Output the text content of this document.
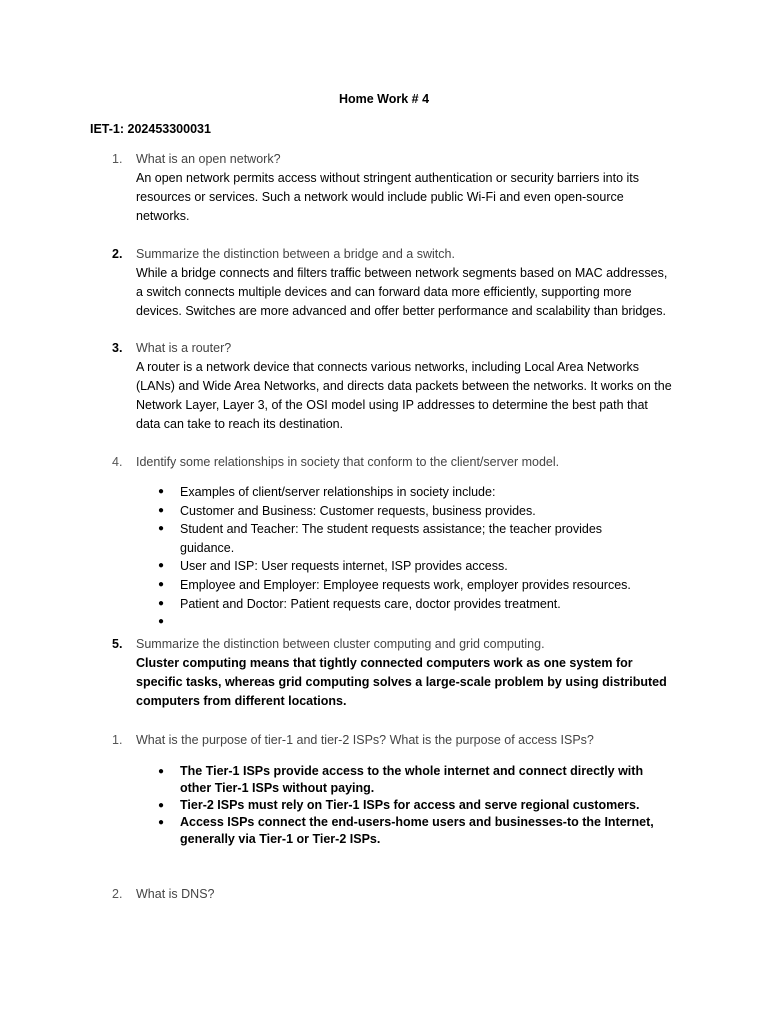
Home Work # 4
IET-1: 202453300031
1.	What is an open network?
An open network permits access without stringent authentication or security barriers into its resources or services. Such a network would include public Wi-Fi and even open-source networks.
2.	Summarize the distinction between a bridge and a switch.
While a bridge connects and filters traffic between network segments based on MAC addresses, a switch connects multiple devices and can forward data more efficiently, supporting more devices. Switches are more advanced and offer better performance and scalability than bridges.
3.	What is a router?
A router is a network device that connects various networks, including Local Area Networks (LANs) and Wide Area Networks, and directs data packets between the networks. It works on the Network Layer, Layer 3, of the OSI model using IP addresses to determine the best path that data can take to reach its destination.
4.	Identify some relationships in society that conform to the client/server model.
●	Examples of client/server relationships in society include:
●	Customer and Business: Customer requests, business provides.
●	Student and Teacher: The student requests assistance; the teacher provides guidance.
●	User and ISP: User requests internet, ISP provides access.
●	Employee and Employer: Employee requests work, employer provides resources.
●	Patient and Doctor: Patient requests care, doctor provides treatment.
●
5.	Summarize the distinction between cluster computing and grid computing.
Cluster computing means that tightly connected computers work as one system for specific tasks, whereas grid computing solves a large-scale problem by using distributed computers from different locations.
1.	What is the purpose of tier-1 and tier-2 ISPs? What is the purpose of access ISPs?
●	The Tier-1 ISPs provide access to the whole internet and connect directly with other Tier-1 ISPs without paying.
●	Tier-2 ISPs must rely on Tier-1 ISPs for access and serve regional customers.
●	Access ISPs connect the end-users-home users and businesses-to the Internet, generally via Tier-1 or Tier-2 ISPs.
2.	What is DNS?
